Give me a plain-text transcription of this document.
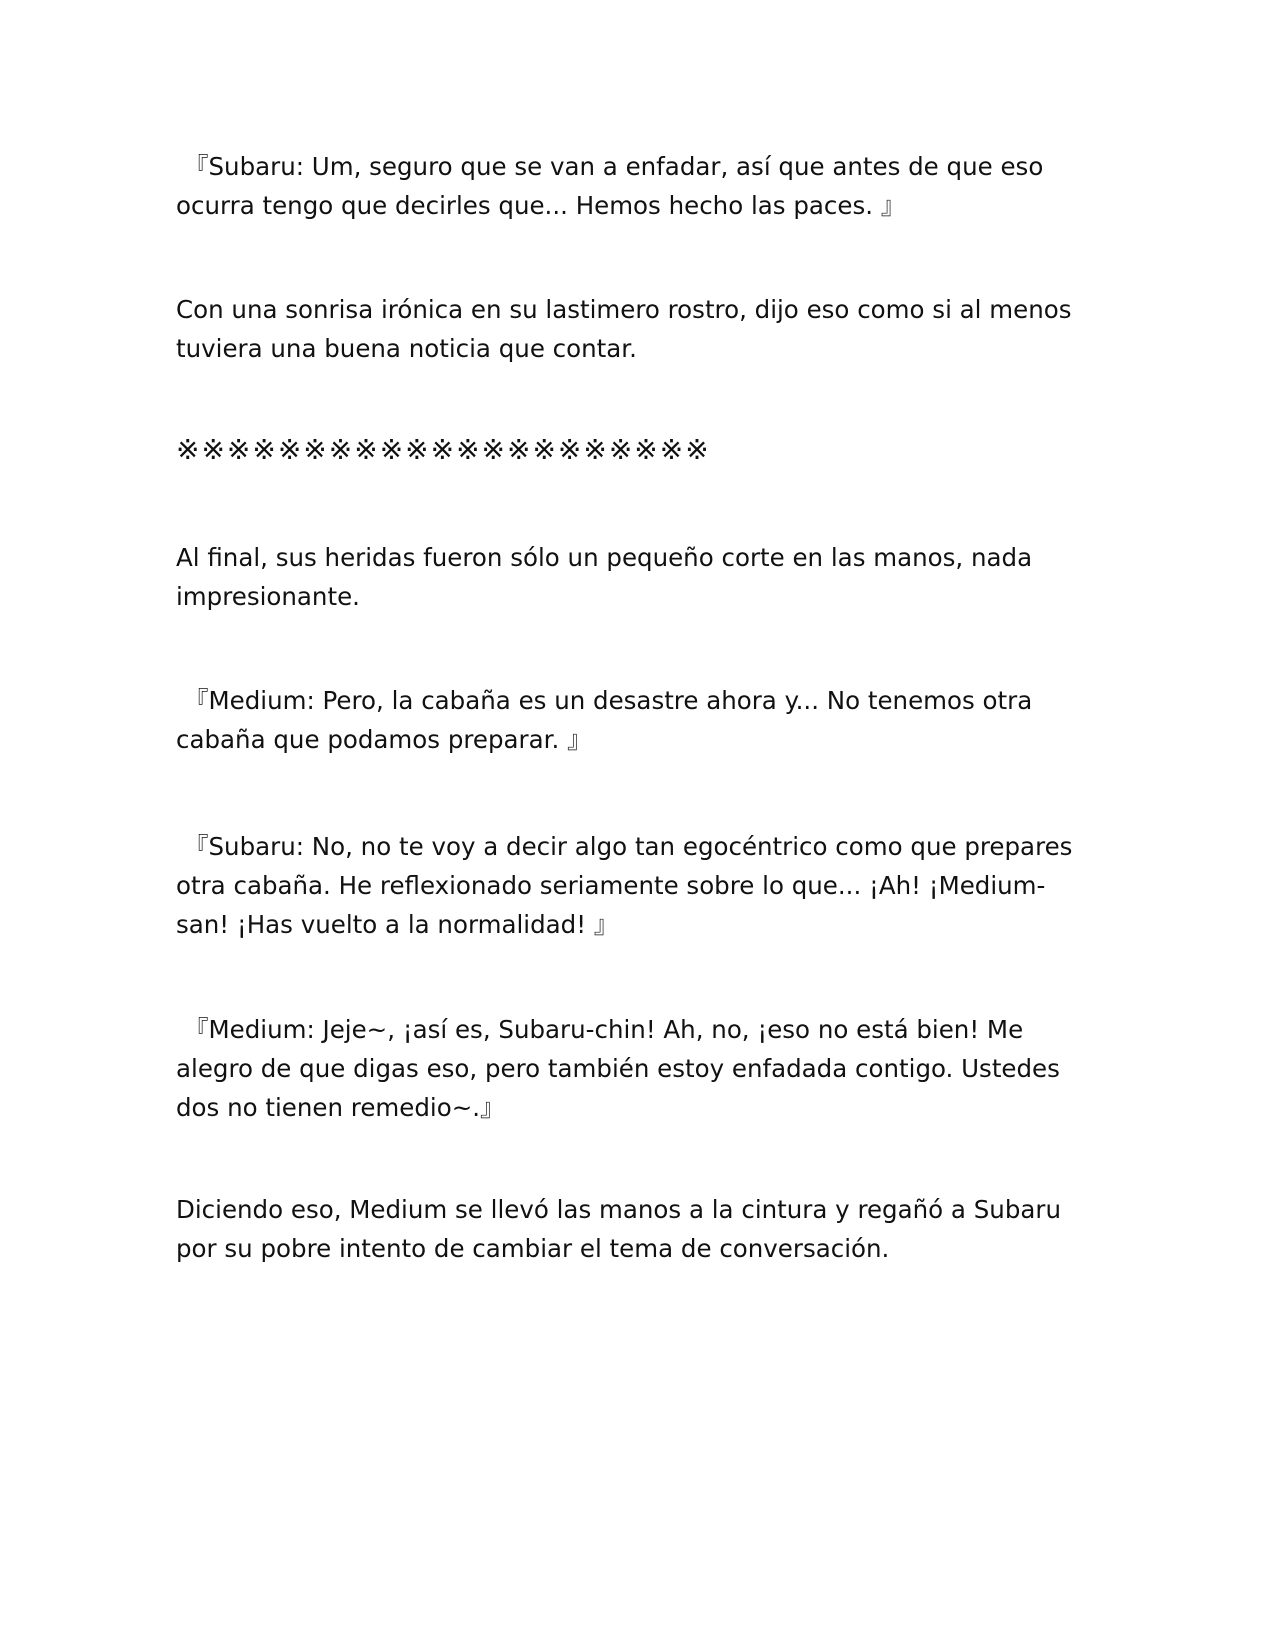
『Subaru: Um, seguro que se van a enfadar, así que antes de que eso ocurra tengo que decirles que... Hemos hecho las paces. 』

Con una sonrisa irónica en su lastimero rostro, dijo eso como si al menos tuviera una buena noticia que contar.

※※※※※※※※※※※※※※※※※※※※※

Al final, sus heridas fueron sólo un pequeño corte en las manos, nada impresionante.

『Medium: Pero, la cabaña es un desastre ahora y... No tenemos otra cabaña que podamos preparar. 』

『Subaru: No, no te voy a decir algo tan egocéntrico como que prepares otra cabaña. He reflexionado seriamente sobre lo que... ¡Ah! ¡Medium-san! ¡Has vuelto a la normalidad! 』

『Medium: Jeje~, ¡así es, Subaru-chin! Ah, no, ¡eso no está bien! Me alegro de que digas eso, pero también estoy enfadada contigo. Ustedes dos no tienen remedio~.』

Diciendo eso, Medium se llevó las manos a la cintura y regañó a Subaru por su pobre intento de cambiar el tema de conversación.
